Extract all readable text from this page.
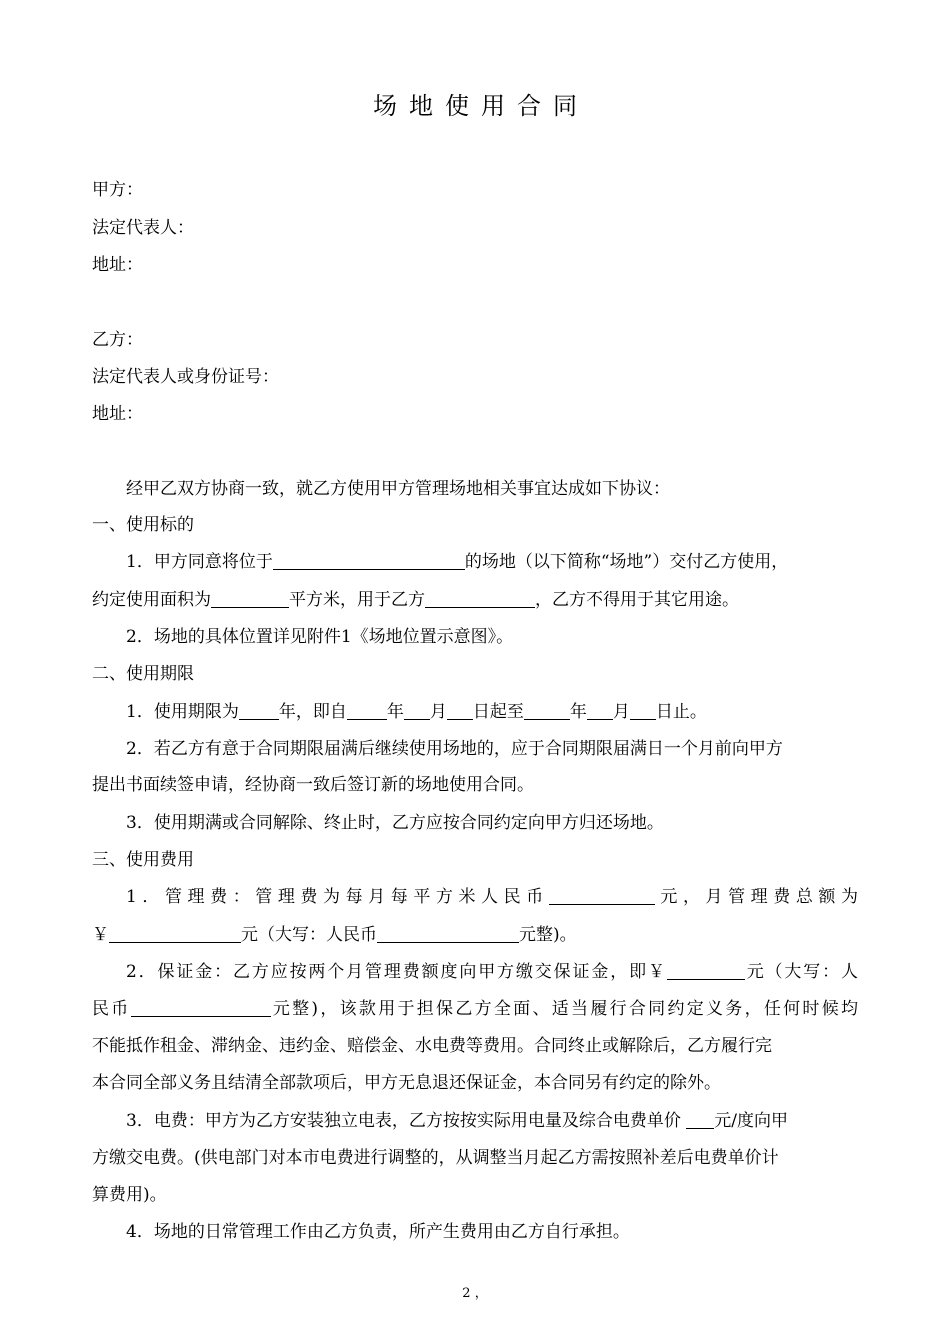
场地使用合同
甲方：
法定代表人：
地址：
乙方：
法定代表人或身份证号：
地址：
经甲乙双方协商一致，就乙方使用甲方管理场地相关事宜达成如下协议：
一、使用标的
1．甲方同意将位于	的场地（以下简称“场地”）交付乙方使用，
约定使用面积为	平方米，用于乙方	，乙方不得用于其它用途。
2．场地的具体位置详见附件1《场地位置示意图》。
二、使用期限
1．使用期限为 年，即自 年 月 日起至	年 月 日止。
2．若乙方有意于合同期限届满后继续使用场地的，应于合同期限届满日一个月前向甲方
提出书面续签申请，经协商一致后签订新的场地使用合同。
3．使用期满或合同解除、终止时，乙方应按合同约定向甲方归还场地。
三、使用费用
1．管理费：管理费为每月每平方米人民币	元，月管理费总额为
￥	元（大写：人民币	元整)。
2．保证金：乙方应按两个月管理费额度向甲方缴交保证金，即￥	元（大写：人
民币	元整)，该款用于担保乙方全面、适当履行合同约定义务，任何时候均
不能抵作租金、滞纳金、违约金、赔偿金、水电费等费用。合同终止或解除后，乙方履行完
本合同全部义务且结清全部款项后，甲方无息退还保证金，本合同另有约定的除外。
3．电费：甲方为乙方安装独立电表，乙方按按实际用电量及综合电费单价 元/度向甲
方缴交电费。(供电部门对本市电费进行调整的，从调整当月起乙方需按照补差后电费单价计
算费用)。
4．场地的日常管理工作由乙方负责，所产生费用由乙方自行承担。
2 ，
